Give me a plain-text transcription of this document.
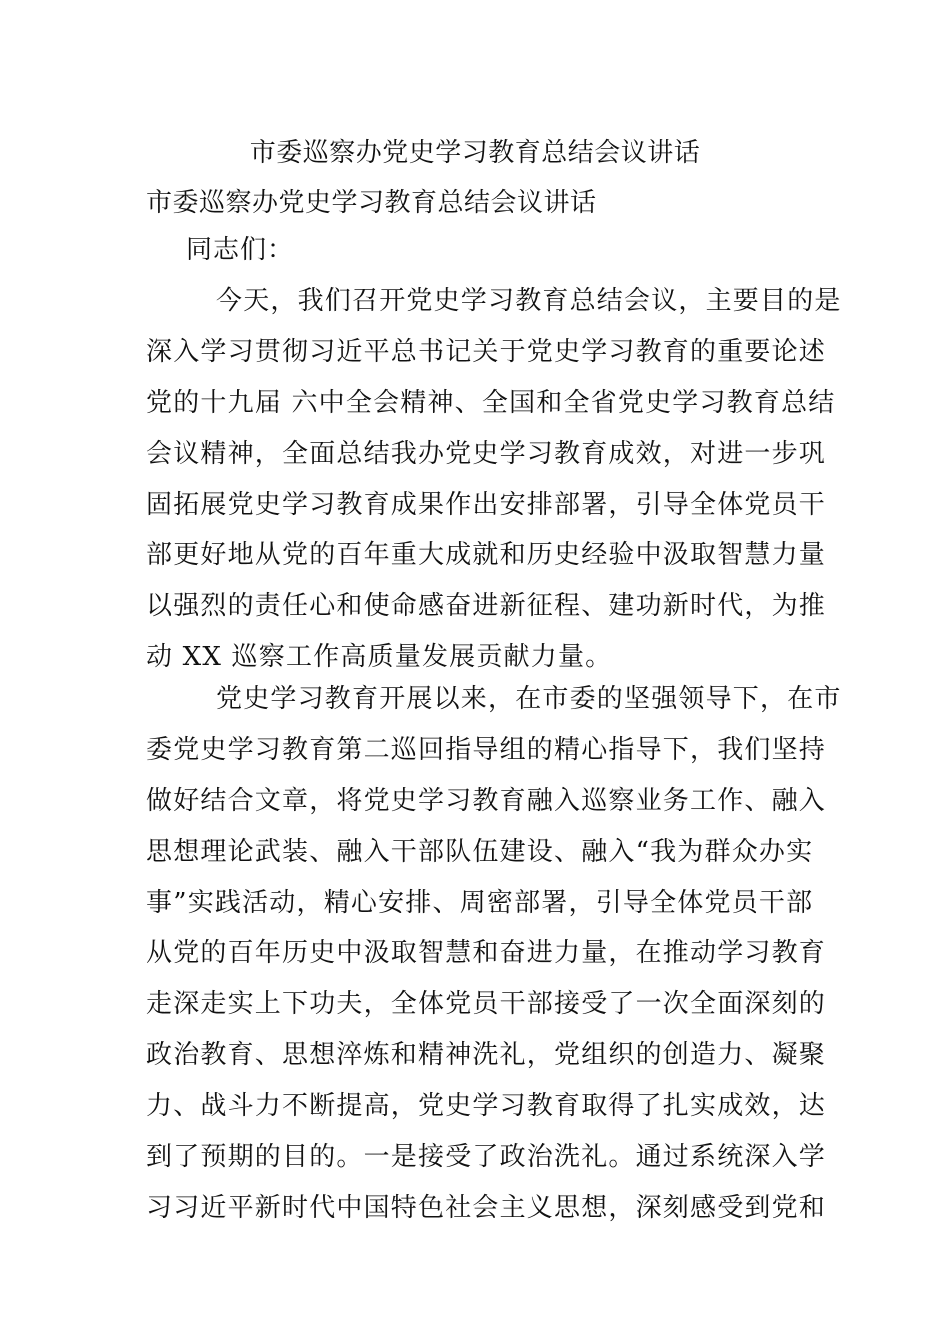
市委巡察办党史学习教育总结会议讲话
市委巡察办党史学习教育总结会议讲话
同志们：
今天，我们召开党史学习教育总结会议，主要目的是
深入学习贯彻习近平总书记关于党史学习教育的重要论述
党的十九届 六中全会精神、全国和全省党史学习教育总结
会议精神，全面总结我办党史学习教育成效，对进一步巩
固拓展党史学习教育成果作出安排部署，引导全体党员干
部更好地从党的百年重大成就和历史经验中汲取智慧力量
以强烈的责任心和使命感奋进新征程、建功新时代，为推
动 XX 巡察工作高质量发展贡献力量。
党史学习教育开展以来，在市委的坚强领导下，在市
委党史学习教育第二巡回指导组的精心指导下，我们坚持
做好结合文章，将党史学习教育融入巡察业务工作、融入
思想理论武装、融入干部队伍建设、融入“我为群众办实
事”实践活动，精心安排、周密部署，引导全体党员干部
从党的百年历史中汲取智慧和奋进力量，在推动学习教育
走深走实上下功夫，全体党员干部接受了一次全面深刻的
政治教育、思想淬炼和精神洗礼，党组织的创造力、凝聚
力、战斗力不断提高，党史学习教育取得了扎实成效，达
到了预期的目的。一是接受了政治洗礼。通过系统深入学
习习近平新时代中国特色社会主义思想，深刻感受到党和
